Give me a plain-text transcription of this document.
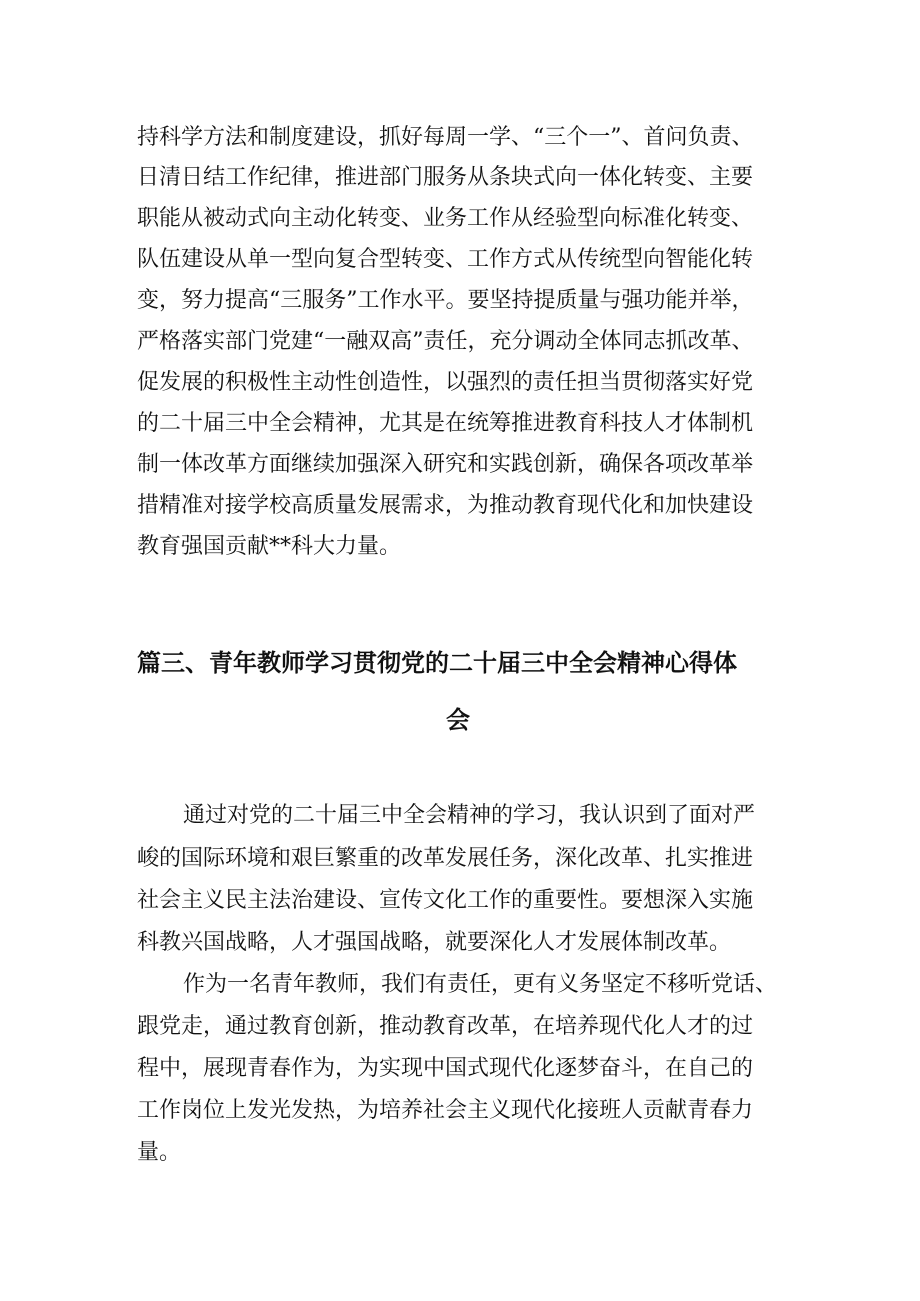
持科学方法和制度建设，抓好每周一学、“三个一”、首问负责、

日清日结工作纪律，推进部门服务从条块式向一体化转变、主要

职能从被动式向主动化转变、业务工作从经验型向标准化转变、

队伍建设从单一型向复合型转变、工作方式从传统型向智能化转

变，努力提高“三服务”工作水平。要坚持提质量与强功能并举，

严格落实部门党建“一融双高”责任，充分调动全体同志抓改革、

促发展的积极性主动性创造性，以强烈的责任担当贯彻落实好党

的二十届三中全会精神，尤其是在统筹推进教育科技人才体制机

制一体改革方面继续加强深入研究和实践创新，确保各项改革举

措精准对接学校高质量发展需求，为推动教育现代化和加快建设

教育强国贡献**科大力量。

篇三、青年教师学习贯彻党的二十届三中全会精神心得体
会

通过对党的二十届三中全会精神的学习，我认识到了面对严

峻的国际环境和艰巨繁重的改革发展任务，深化改革、扎实推进

社会主义民主法治建设、宣传文化工作的重要性。要想深入实施

科教兴国战略，人才强国战略，就要深化人才发展体制改革。

作为一名青年教师，我们有责任，更有义务坚定不移听党话、

跟党走，通过教育创新，推动教育改革，在培养现代化人才的过

程中，展现青春作为，为实现中国式现代化逐梦奋斗，在自己的

工作岗位上发光发热，为培养社会主义现代化接班人贡献青春力

量。
